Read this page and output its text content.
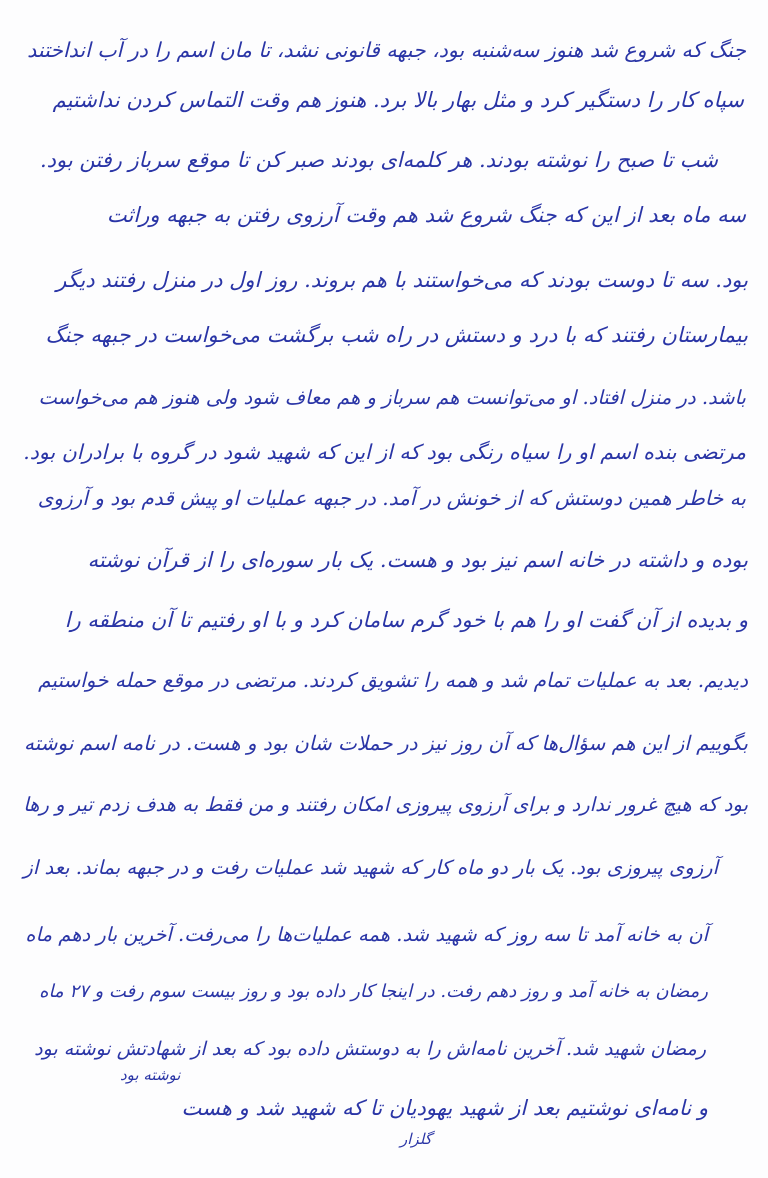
جنگ که شروع شد هنوز سه‌شنبه بود، جبهه قانونی نشد، تا مان اسم را در آب انداختند
سپاه کار را دستگیر کرد و مثل بهار بالا برد. هنوز هم وقت التماس کردن نداشتیم
شب تا صبح را نوشته بودند. هر کلمه‌ای بودند صبر کن تا موقع سرباز رفتن بود.
سه ماه بعد از این که جنگ شروع شد هم وقت آرزوی رفتن به جبهه وراثت
بود. سه تا دوست بودند که می‌خواستند با هم بروند. روز اول در منزل رفتند دیگر
بیمارستان رفتند که با درد و دستش در راه شب برگشت می‌خواست در جبهه جنگ
باشد. در منزل افتاد. او می‌توانست هم سرباز و هم معاف شود ولی هنوز هم می‌خواست
مرتضی بنده اسم او را سیاه رنگی بود که از این که شهید شود در گروه با برادران بود.
به خاطر همین دوستش که از خونش در آمد. در جبهه عملیات او پیش قدم بود و آرزوی
بوده و داشته در خانه اسم نیز بود و هست. یک بار سوره‌ای را از قرآن نوشته
و بدیده از آن گفت او را هم با خود گرم سامان کرد و با او رفتیم تا آن منطقه را
دیدیم. بعد به عملیات تمام شد و همه را تشویق کردند. مرتضی در موقع حمله خواستیم
بگوییم از این هم سؤال‌ها که آن روز نیز در حملات شان بود و هست. در نامه اسم نوشته
بود که هیچ غرور ندارد و برای آرزوی پیروزی امکان رفتند و من فقط به هدف زدم تیر و رها
آرزوی پیروزی بود. یک بار دو ماه کار که شهید شد عملیات رفت و در جبهه بماند. بعد از
آن به خانه آمد تا سه روز که شهید شد. همه عملیات‌ها را می‌رفت. آخرین بار دهم ماه
رمضان به خانه آمد و روز دهم رفت. در اینجا کار داده بود و روز بیست سوم رفت و ۲۷ ماه
رمضان شهید شد. آخرین نامه‌اش را به دوستش داده بود که بعد از شهادتش نوشته بود
نوشته بود
و نامه‌ای نوشتیم بعد از شهید یهودیان تا که شهید شد و هست
گلزار
